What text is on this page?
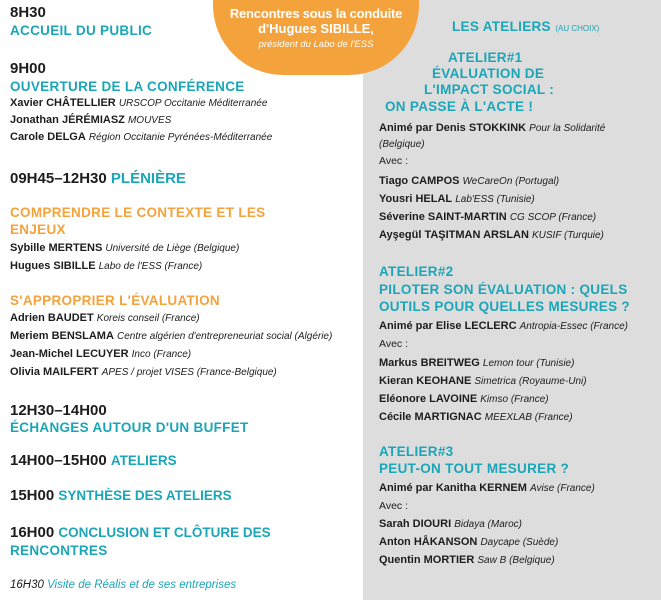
Rencontres sous la conduite
d'Hugues SIBILLE,
président du Labo de l'ESS
8H30
ACCUEIL DU PUBLIC
9H00
OUVERTURE DE LA CONFÉRENCE
Xavier CHÂTELLIER URSCOP Occitanie Méditerranée
Jonathan JÉRÉMIASZ MOUVES
Carole DELGA Région Occitanie Pyrénées-Méditerranée
09H45–12H30 PLÉNIÈRE
COMPRENDRE LE CONTEXTE ET LES
ENJEUX
Sybille MERTENS Université de Liège (Belgique)
Hugues SIBILLE Labo de l'ESS (France)
S'APPROPRIER L'ÉVALUATION
Adrien BAUDET Koreis conseil (France)
Meriem BENSLAMA Centre algérien d'entrepreneuriat social (Algérie)
Jean-Michel LECUYER Inco (France)
Olivia MAILFERT APES / projet VISES (France-Belgique)
12H30–14H00
ÉCHANGES AUTOUR D'UN BUFFET
14H00–15H00 ATELIERS
15H00 SYNTHÈSE DES ATELIERS
16H00 CONCLUSION ET CLÔTURE DES
RENCONTRES
16H30 Visite de Réalis et de ses entreprises
LES ATELIERS (AU CHOIX)
ATELIER#1
ÉVALUATION DE
L'IMPACT SOCIAL :
ON PASSE À L'ACTE !
Animé par Denis STOKKINK Pour la Solidarité
(Belgique)
Avec :
Tiago CAMPOS WeCareOn (Portugal)
Yousri HELAL Lab'ESS (Tunisie)
Séverine SAINT-MARTIN CG SCOP (France)
Ayşegül TAŞITMAN ARSLAN KUSIF (Turquie)
ATELIER#2
PILOTER SON ÉVALUATION : QUELS
OUTILS POUR QUELLES MESURES ?
Animé par Elise LECLERC Antropia-Essec (France)
Avec :
Markus BREITWEG Lemon tour (Tunisie)
Kieran KEOHANE Simetrica (Royaume-Uni)
Eléonore LAVOINE Kimso (France)
Cécile MARTIGNAC MEEXLAB (France)
ATELIER#3
PEUT-ON TOUT MESURER ?
Animé par Kanitha KERNEM Avise (France)
Avec :
Sarah DIOURI Bidaya (Maroc)
Anton HÅKANSON Daycape (Suède)
Quentin MORTIER Saw B (Belgique)
